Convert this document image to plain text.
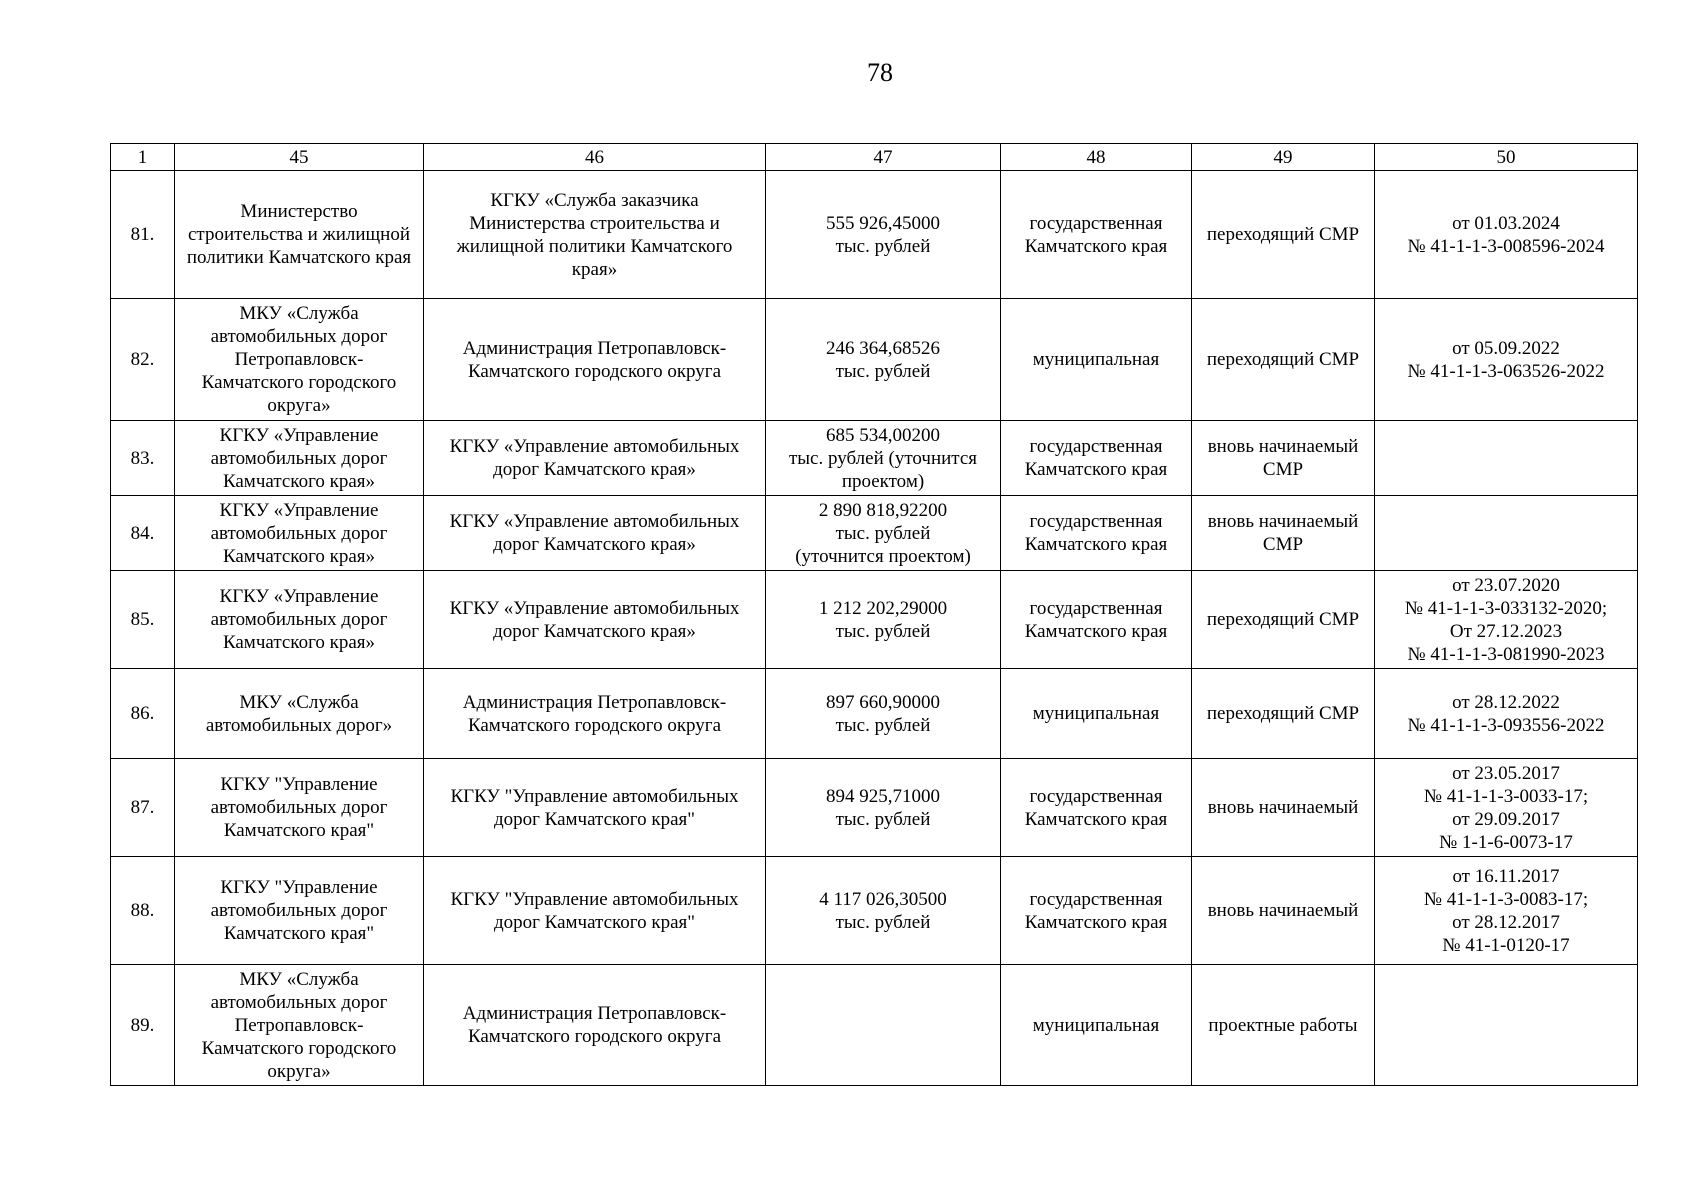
78
1	45	46	47	48	49	50
81.	Министерство
строительства и жилищной
политики Камчатского края	КГКУ «Служба заказчика
Министерства строительства и
жилищной политики Камчатского
края»	555 926,45000
тыс. рублей	государственная
Камчатского края	переходящий СМР	от 01.03.2024
№ 41-1-1-3-008596-2024

82.	МКУ «Служба
автомобильных дорог
Петропавловск-
Камчатского городского
округа»	Администрация Петропавловск-
Камчатского городского округа	246 364,68526
тыс. рублей	муниципальная	переходящий СМР	от 05.09.2022
№ 41-1-1-3-063526-2022

83.	КГКУ «Управление
автомобильных дорог
Камчатского края»	КГКУ «Управление автомобильных
дорог Камчатского края»	685 534,00200
тыс. рублей (уточнится
проектом)	государственная
Камчатского края	вновь начинаемый
СМР	

84.	КГКУ «Управление
автомобильных дорог
Камчатского края»	КГКУ «Управление автомобильных
дорог Камчатского края»	2 890 818,92200
тыс. рублей
(уточнится проектом)	государственная
Камчатского края	вновь начинаемый
СМР	

85.	КГКУ «Управление
автомобильных дорог
Камчатского края»	КГКУ «Управление автомобильных
дорог Камчатского края»	1 212 202,29000
тыс. рублей	государственная
Камчатского края	переходящий СМР	от 23.07.2020
№ 41-1-1-3-033132-2020;
От 27.12.2023
№ 41-1-1-3-081990-2023

86.	МКУ «Служба
автомобильных дорог»	Администрация Петропавловск-
Камчатского городского округа	897 660,90000
тыс. рублей	муниципальная	переходящий СМР	от 28.12.2022
№ 41-1-1-3-093556-2022

87.	КГКУ "Управление
автомобильных дорог
Камчатского края"	КГКУ "Управление автомобильных
дорог Камчатского края"	894 925,71000
тыс. рублей	государственная
Камчатского края	вновь начинаемый	от 23.05.2017
№ 41-1-1-3-0033-17;
от 29.09.2017
№ 1-1-6-0073-17

88.	КГКУ "Управление
автомобильных дорог
Камчатского края"	КГКУ "Управление автомобильных
дорог Камчатского края"	4 117 026,30500
тыс. рублей	государственная
Камчатского края	вновь начинаемый	от 16.11.2017
№ 41-1-1-3-0083-17;
от 28.12.2017
№ 41-1-0120-17

89.	МКУ «Служба
автомобильных дорог
Петропавловск-
Камчатского городского
округа»	Администрация Петропавловск-
Камчатского городского округа		муниципальная	проектные работы	
